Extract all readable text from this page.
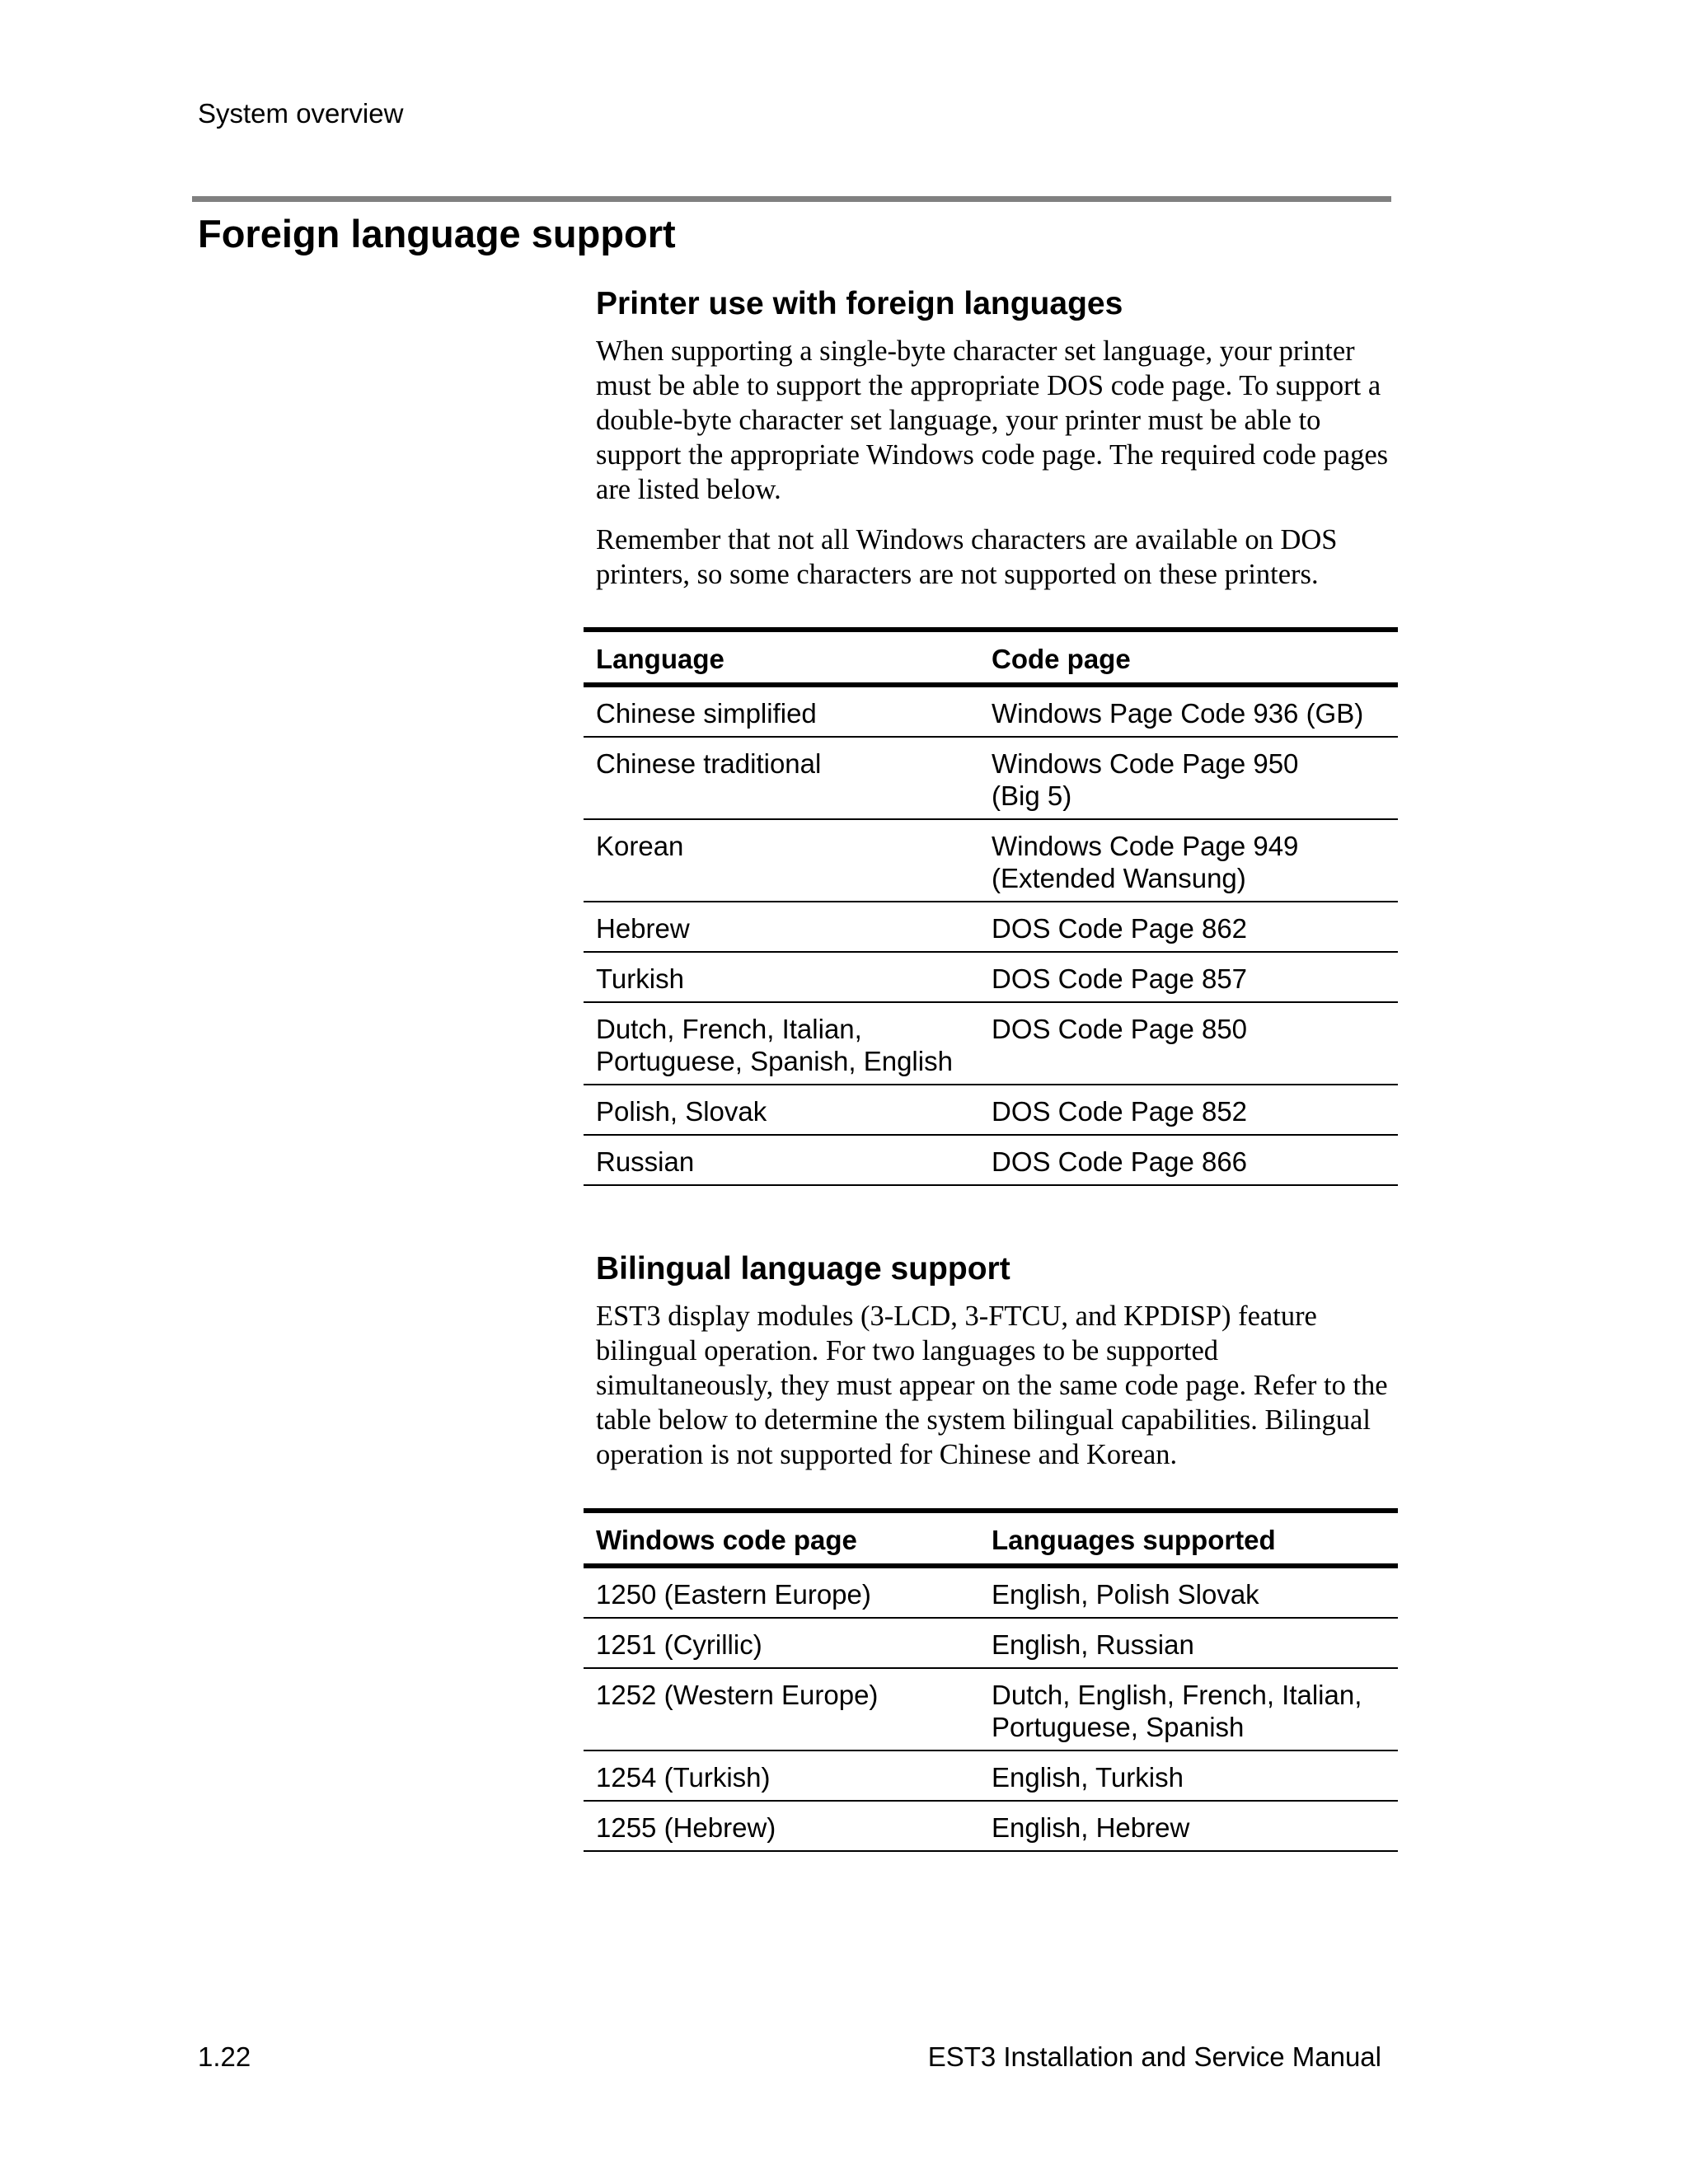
System overview
Foreign language support
Printer use with foreign languages

When supporting a single-byte character set language, your printer must be able to support the appropriate DOS code page. To support a double-byte character set language, your printer must be able to support the appropriate Windows code page. The required code pages are listed below.

Remember that not all Windows characters are available on DOS printers, so some characters are not supported on these printers.

Language	Code page
Chinese simplified	Windows Page Code 936 (GB)
Chinese traditional	Windows Code Page 950
(Big 5)
Korean	Windows Code Page 949
(Extended Wansung)
Hebrew	DOS Code Page 862
Turkish	DOS Code Page 857
Dutch, French, Italian,
Portuguese, Spanish, English	DOS Code Page 850
Polish, Slovak	DOS Code Page 852
Russian	DOS Code Page 866
Bilingual language support

EST3 display modules (3-LCD, 3-FTCU, and KPDISP) feature bilingual operation. For two languages to be supported simultaneously, they must appear on the same code page. Refer to the table below to determine the system bilingual capabilities. Bilingual operation is not supported for Chinese and Korean.

Windows code page	Languages supported
1250 (Eastern Europe)	English, Polish Slovak
1251 (Cyrillic)	English, Russian
1252 (Western Europe)	Dutch, English, French, Italian,
Portuguese, Spanish
1254 (Turkish)	English, Turkish
1255 (Hebrew)	English, Hebrew
1.22	EST3 Installation and Service Manual
